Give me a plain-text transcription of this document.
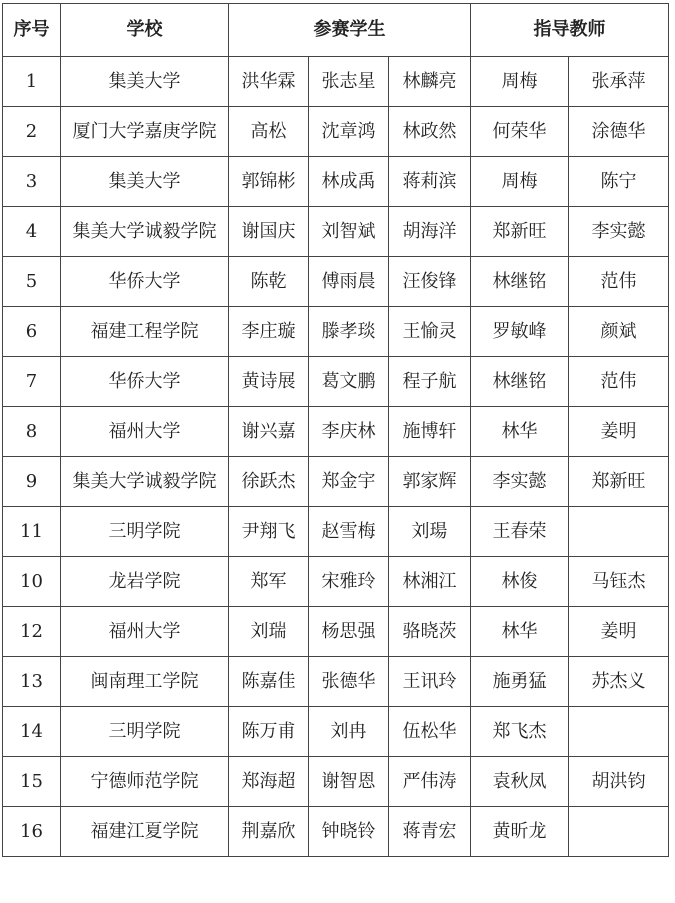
序号	学校	参赛学生			指导教师	
1	集美大学	洪华霖	张志星	林麟亮	周梅	张承萍
2	厦门大学嘉庚学院	高松	沈章鸿	林政然	何荣华	涂德华
3	集美大学	郭锦彬	林成禹	蒋莉滨	周梅	陈宁
4	集美大学诚毅学院	谢国庆	刘智斌	胡海洋	郑新旺	李实懿
5	华侨大学	陈乾	傅雨晨	汪俊锋	林继铭	范伟
6	福建工程学院	李庄璇	滕孝琰	王愉灵	罗敏峰	颜斌
7	华侨大学	黄诗展	葛文鹏	程子航	林继铭	范伟
8	福州大学	谢兴嘉	李庆林	施博轩	林华	姜明
9	集美大学诚毅学院	徐跃杰	郑金宇	郭家辉	李实懿	郑新旺
11	三明学院	尹翔飞	赵雪梅	刘瑒	王春荣	
10	龙岩学院	郑军	宋雅玲	林湘江	林俊	马钰杰
12	福州大学	刘瑞	杨思强	骆晓茨	林华	姜明
13	闽南理工学院	陈嘉佳	张德华	王讯玲	施勇猛	苏杰义
14	三明学院	陈万甫	刘冉	伍松华	郑飞杰	
15	宁德师范学院	郑海超	谢智恩	严伟涛	袁秋凤	胡洪钧
16	福建江夏学院	荆嘉欣	钟晓铃	蒋青宏	黄昕龙	
